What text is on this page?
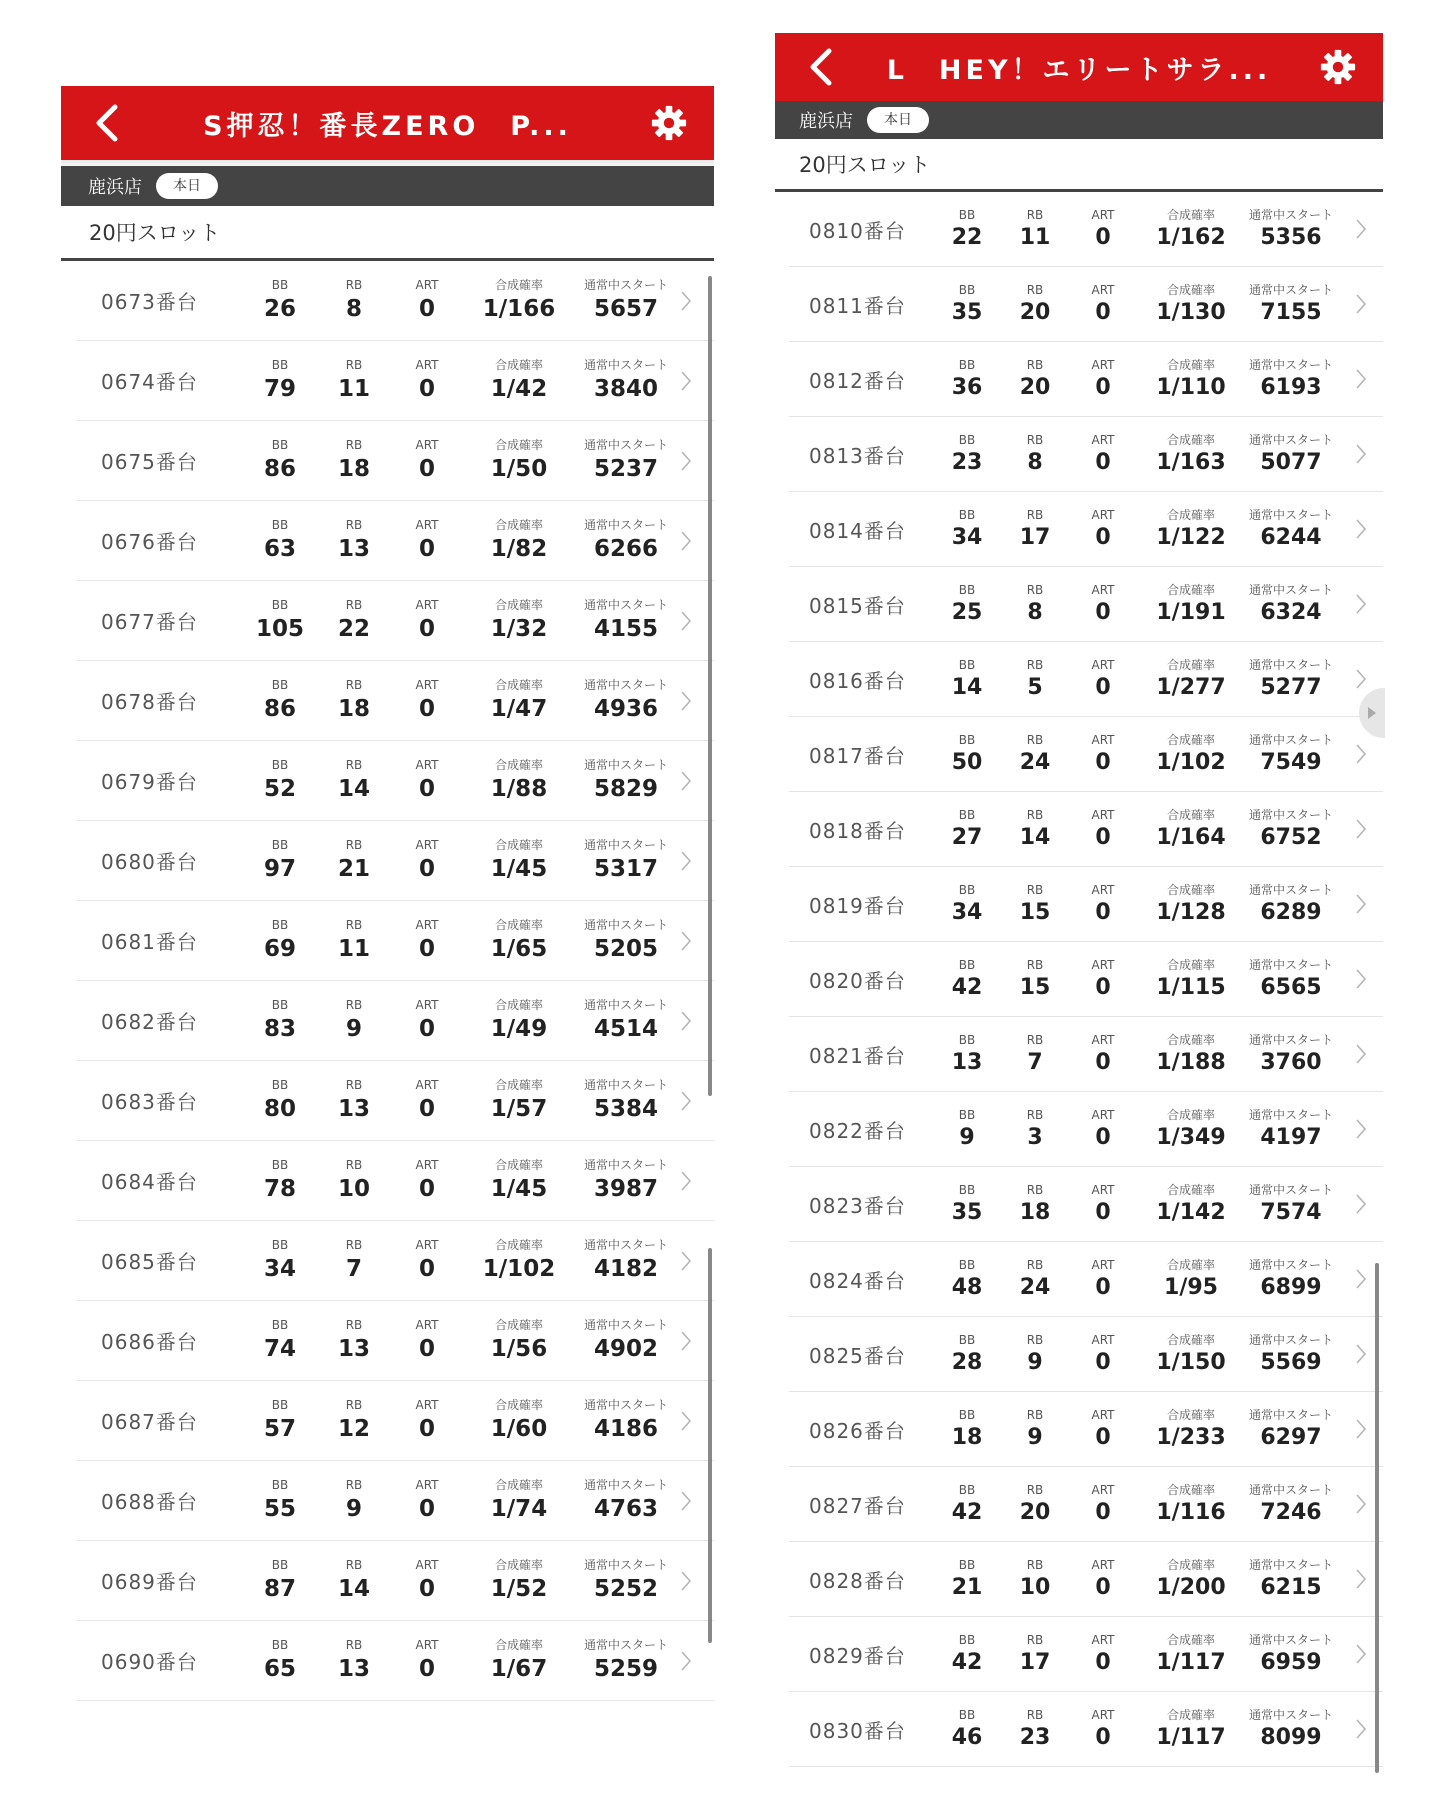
S押忍！番長ZERO　P...
鹿浜店	本日
20円スロット
0673番台
BB
26
RB
8
ART
0
合成確率
1/166
通常中スタート
5657
0674番台
BB
79
RB
11
ART
0
合成確率
1/42
通常中スタート
3840
0675番台
BB
86
RB
18
ART
0
合成確率
1/50
通常中スタート
5237
0676番台
BB
63
RB
13
ART
0
合成確率
1/82
通常中スタート
6266
0677番台
BB
105
RB
22
ART
0
合成確率
1/32
通常中スタート
4155
0678番台
BB
86
RB
18
ART
0
合成確率
1/47
通常中スタート
4936
0679番台
BB
52
RB
14
ART
0
合成確率
1/88
通常中スタート
5829
0680番台
BB
97
RB
21
ART
0
合成確率
1/45
通常中スタート
5317
0681番台
BB
69
RB
11
ART
0
合成確率
1/65
通常中スタート
5205
0682番台
BB
83
RB
9
ART
0
合成確率
1/49
通常中スタート
4514
0683番台
BB
80
RB
13
ART
0
合成確率
1/57
通常中スタート
5384
0684番台
BB
78
RB
10
ART
0
合成確率
1/45
通常中スタート
3987
0685番台
BB
34
RB
7
ART
0
合成確率
1/102
通常中スタート
4182
0686番台
BB
74
RB
13
ART
0
合成確率
1/56
通常中スタート
4902
0687番台
BB
57
RB
12
ART
0
合成確率
1/60
通常中スタート
4186
0688番台
BB
55
RB
9
ART
0
合成確率
1/74
通常中スタート
4763
0689番台
BB
87
RB
14
ART
0
合成確率
1/52
通常中スタート
5252
0690番台
BB
65
RB
13
ART
0
合成確率
1/67
通常中スタート
5259
L　HEY！エリートサラ...
鹿浜店	本日
20円スロット
0810番台
BB
22
RB
11
ART
0
合成確率
1/162
通常中スタート
5356
0811番台
BB
35
RB
20
ART
0
合成確率
1/130
通常中スタート
7155
0812番台
BB
36
RB
20
ART
0
合成確率
1/110
通常中スタート
6193
0813番台
BB
23
RB
8
ART
0
合成確率
1/163
通常中スタート
5077
0814番台
BB
34
RB
17
ART
0
合成確率
1/122
通常中スタート
6244
0815番台
BB
25
RB
8
ART
0
合成確率
1/191
通常中スタート
6324
0816番台
BB
14
RB
5
ART
0
合成確率
1/277
通常中スタート
5277
0817番台
BB
50
RB
24
ART
0
合成確率
1/102
通常中スタート
7549
0818番台
BB
27
RB
14
ART
0
合成確率
1/164
通常中スタート
6752
0819番台
BB
34
RB
15
ART
0
合成確率
1/128
通常中スタート
6289
0820番台
BB
42
RB
15
ART
0
合成確率
1/115
通常中スタート
6565
0821番台
BB
13
RB
7
ART
0
合成確率
1/188
通常中スタート
3760
0822番台
BB
9
RB
3
ART
0
合成確率
1/349
通常中スタート
4197
0823番台
BB
35
RB
18
ART
0
合成確率
1/142
通常中スタート
7574
0824番台
BB
48
RB
24
ART
0
合成確率
1/95
通常中スタート
6899
0825番台
BB
28
RB
9
ART
0
合成確率
1/150
通常中スタート
5569
0826番台
BB
18
RB
9
ART
0
合成確率
1/233
通常中スタート
6297
0827番台
BB
42
RB
20
ART
0
合成確率
1/116
通常中スタート
7246
0828番台
BB
21
RB
10
ART
0
合成確率
1/200
通常中スタート
6215
0829番台
BB
42
RB
17
ART
0
合成確率
1/117
通常中スタート
6959
0830番台
BB
46
RB
23
ART
0
合成確率
1/117
通常中スタート
8099
